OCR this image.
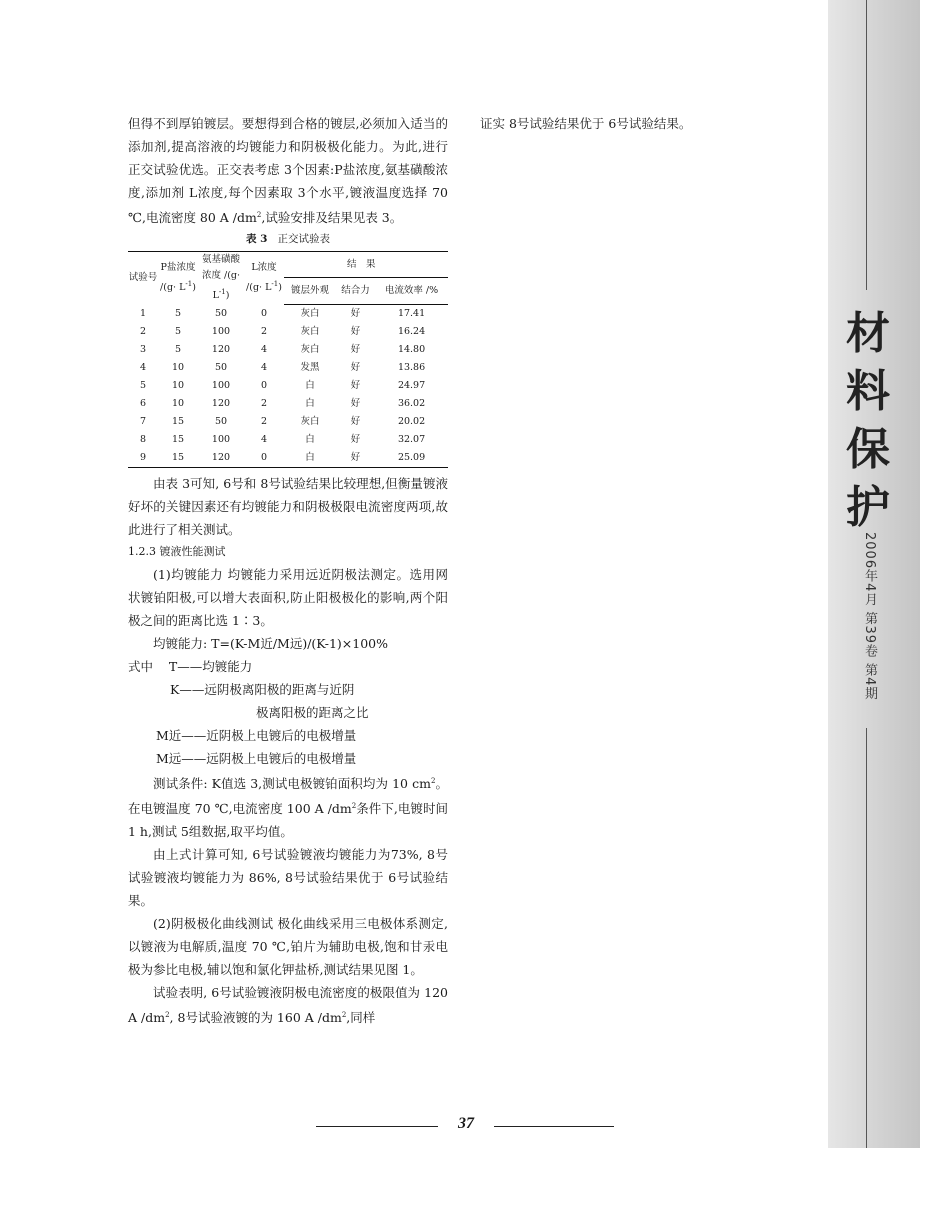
但得不到厚铂镀层。要想得到合格的镀层,必须加入适当的添加剂,提高溶液的均镀能力和阴极极化能力。为此,进行正交试验优选。正交表考虑 3个因素:P盐浓度,氨基磺酸浓度,添加剂 L浓度,每个因素取 3个水平,镀液温度选择 70 ℃,电流密度 80 A $/dm^2$,试验安排及结果见表 3。

表 3 正交试验表
试验号	P盐浓度 $/(g\cdot L^{-1})$	氨基磺酸浓度 $/(g\cdot L^{-1})$	L浓度 $/(g\cdot L^{-1})$	结果		
				镀层外观	结合力	电流效率 /%
1	5	50	0	灰白	好	17.41
2	5	100	2	灰白	好	16.24
3	5	120	4	灰白	好	14.80
4	10	50	4	发黑	好	13.86
5	10	100	0	白	好	24.97
6	10	120	2	白	好	36.02
7	15	50	2	灰白	好	20.02
8	15	100	4	白	好	32.07
9	15	120	0	白	好	25.09

由表 3可知, 6号和 8号试验结果比较理想,但衡量镀液好坏的关键因素还有均镀能力和阴极极限电流密度两项,故此进行了相关测试。

1.2.3 镀液性能测试

(1)均镀能力 均镀能力采用远近阴极法测定。选用网状镀铂阳极,可以增大表面积,防止阳极极化的影响,两个阳极之间的距离比选 1∶3。

均镀能力: T=(K-M近/M远)/(K-1)×100%

式中 T——均镀能力

K——远阴极离阳极的距离与近阴

极离阳极的距离之比

M近——近阴极上电镀后的电极增量

M远——远阴极上电镀后的电极增量

测试条件: K值选 3,测试电极镀铂面积均为 10 $cm^2$。在电镀温度 70 ℃,电流密度 100 A $/dm^2$条件下,电镀时间 1 h,测试 5组数据,取平均值。

由上式计算可知, 6号试验镀液均镀能力为73%, 8号试验镀液均镀能力为 86%, 8号试验结果优于 6号试验结果。

(2)阴极极化曲线测试 极化曲线采用三电极体系测定,以镀液为电解质,温度 70 ℃,铂片为辅助电极,饱和甘汞电极为参比电极,辅以饱和氯化钾盐桥,测试结果见图 1。

试验表明, 6号试验镀液阴极电流密度的极限值为 120 A $/dm^2$, 8号试验液镀的为 160 A $/dm^2$,同样

证实 8号试验结果优于 6号试验结果。

材料保护
2006年4月 第39卷 第4期
37
